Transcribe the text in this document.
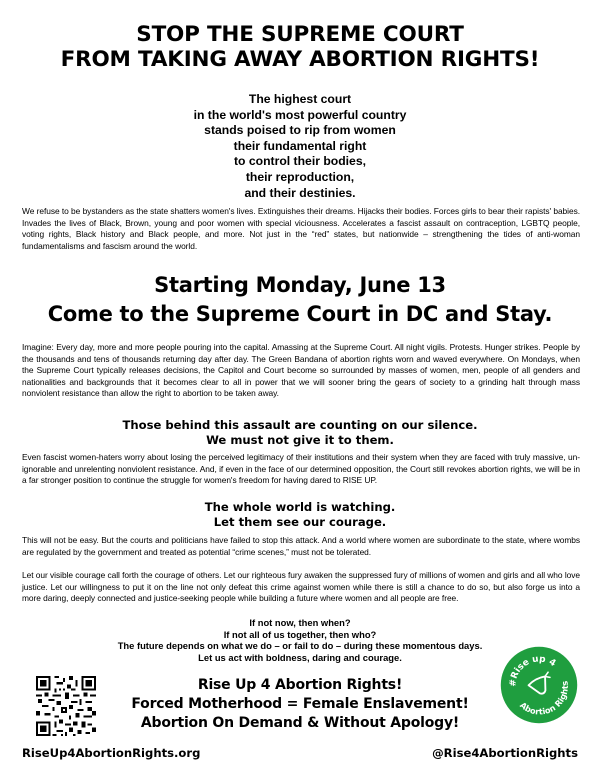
STOP THE SUPREME COURT
FROM TAKING AWAY ABORTION RIGHTS!
The highest court
in the world's most powerful country
stands poised to rip from women
their fundamental right
to control their bodies,
their reproduction,
and their destinies.
We refuse to be bystanders as the state shatters women's lives. Extinguishes their dreams. Hijacks their bodies. Forces girls to bear their rapists' babies. Invades the lives of Black, Brown, young and poor women with special viciousness. Accelerates a fascist assault on contraception, LGBTQ people, voting rights, Black history and Black people, and more. Not just in the “red” states, but nationwide – strengthening the tides of anti-woman fundamentalisms and fascism around the world.
Starting Monday, June 13
Come to the Supreme Court in DC and Stay.
Imagine: Every day, more and more people pouring into the capital. Amassing at the Supreme Court. All night vigils. Protests. Hunger strikes. People by the thousands and tens of thousands returning day after day. The Green Bandana of abortion rights worn and waved everywhere. On Mondays, when the Supreme Court typically releases decisions, the Capitol and Court become so surrounded by masses of women, men, people of all genders and nationalities and backgrounds that it becomes clear to all in power that we will sooner bring the gears of society to a grinding halt through mass nonviolent resistance than allow the right to abortion to be taken away.
Those behind this assault are counting on our silence.
We must not give it to them.
Even fascist women-haters worry about losing the perceived legitimacy of their institutions and their system when they are faced with truly massive, un-ignorable and unrelenting nonviolent resistance. And, if even in the face of our determined opposition, the Court still revokes abortion rights, we will be in a far stronger position to continue the struggle for women's freedom for having dared to RISE UP.
The whole world is watching.
Let them see our courage.
This will not be easy. But the courts and politicians have failed to stop this attack. And a world where women are subordinate to the state, where wombs are regulated by the government and treated as potential “crime scenes,” must not be tolerated.
Let our visible courage call forth the courage of others. Let our righteous fury awaken the suppressed fury of millions of women and girls and all who love justice. Let our willingness to put it on the line not only defeat this crime against women while there is still a chance to do so, but also forge us into a more daring, deeply connected and justice-seeking people while building a future where women and all people are free.
If not now, then when?
If not all of us together, then who?
The future depends on what we do – or fail to do – during these momentous days.
Let us act with boldness, daring and courage.
Rise Up 4 Abortion Rights!
Forced Motherhood = Female Enslavement!
Abortion On Demand & Without Apology!
#Rise up 4
Abortion Rights
RiseUp4AbortionRights.org	@Rise4AbortionRights
